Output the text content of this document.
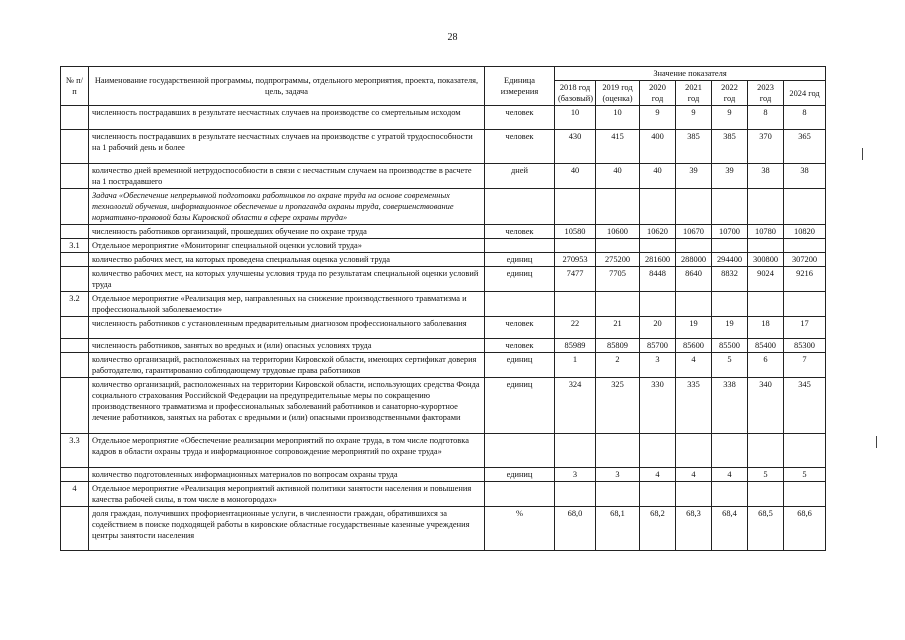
28
№ п/п	Наименование государственной программы, подпрограммы, отдельного мероприятия, проекта, показателя, цель, задача	Единица измерения	Значение показателя						
			2018 год (базовый)	2019 год (оценка)	2020 год	2021 год	2022 год	2023 год	2024 год
	численность пострадавших в результате несчастных случаев на производстве со смертельным исходом	человек	10	10	9	9	9	8	8
	численность пострадавших в результате несчастных случаев на производстве с утратой трудоспособности на 1 рабочий день и более	человек	430	415	400	385	385	370	365
	количество дней временной нетрудоспособности в связи с несчастным случаем на производстве в расчете на 1 пострадавшего	дней	40	40	40	39	39	38	38
	Задача «Обеспечение непрерывной подготовки работников по охране труда на основе современных технологий обучения, информационное обеспечение и пропаганда охраны труда, совершенствование нормативно-правовой базы Кировской области в сфере охраны труда»								
	численность работников организаций, прошедших обучение по охране труда	человек	10580	10600	10620	10670	10700	10780	10820
3.1	Отдельное мероприятие «Мониторинг специальной оценки условий труда»								
	количество рабочих мест, на которых проведена специальная оценка условий труда	единиц	270953	275200	281600	288000	294400	300800	307200
	количество рабочих мест, на которых улучшены условия труда по результатам специальной оценки условий труда	единиц	7477	7705	8448	8640	8832	9024	9216
3.2	Отдельное мероприятие «Реализация мер, направленных на снижение производственного травматизма и профессиональной заболеваемости»								
	численность работников с установленным предварительным диагнозом профессионального заболевания	человек	22	21	20	19	19	18	17
	численность работников, занятых во вредных и (или) опасных условиях труда	человек	85989	85809	85700	85600	85500	85400	85300
	количество организаций, расположенных на территории Кировской области, имеющих сертификат доверия работодателю, гарантированно соблюдающему трудовые права работников	единиц	1	2	3	4	5	6	7
	количество организаций, расположенных на территории Кировской области, использующих средства Фонда социального страхования Российской Федерации на предупредительные меры по сокращению производственного травматизма и профессиональных заболеваний работников и санаторно-курортное лечение работников, занятых на работах с вредными и (или) опасными производственными факторами	единиц	324	325	330	335	338	340	345
3.3	Отдельное мероприятие «Обеспечение реализации мероприятий по охране труда, в том числе подготовка кадров в области охраны труда и информационное сопровождение мероприятий по охране труда»								
	количество подготовленных информационных материалов по вопросам охраны труда	единиц	3	3	4	4	4	5	5
4	Отдельное мероприятие «Реализация мероприятий активной политики занятости населения и повышения качества рабочей силы, в том числе в моногородах»								
	доля граждан, получивших профориентационные услуги, в численности граждан, обратившихся за содействием в поиске подходящей работы в кировские областные государственные казенные учреждения центры занятости населения	%	68,0	68,1	68,2	68,3	68,4	68,5	68,6
